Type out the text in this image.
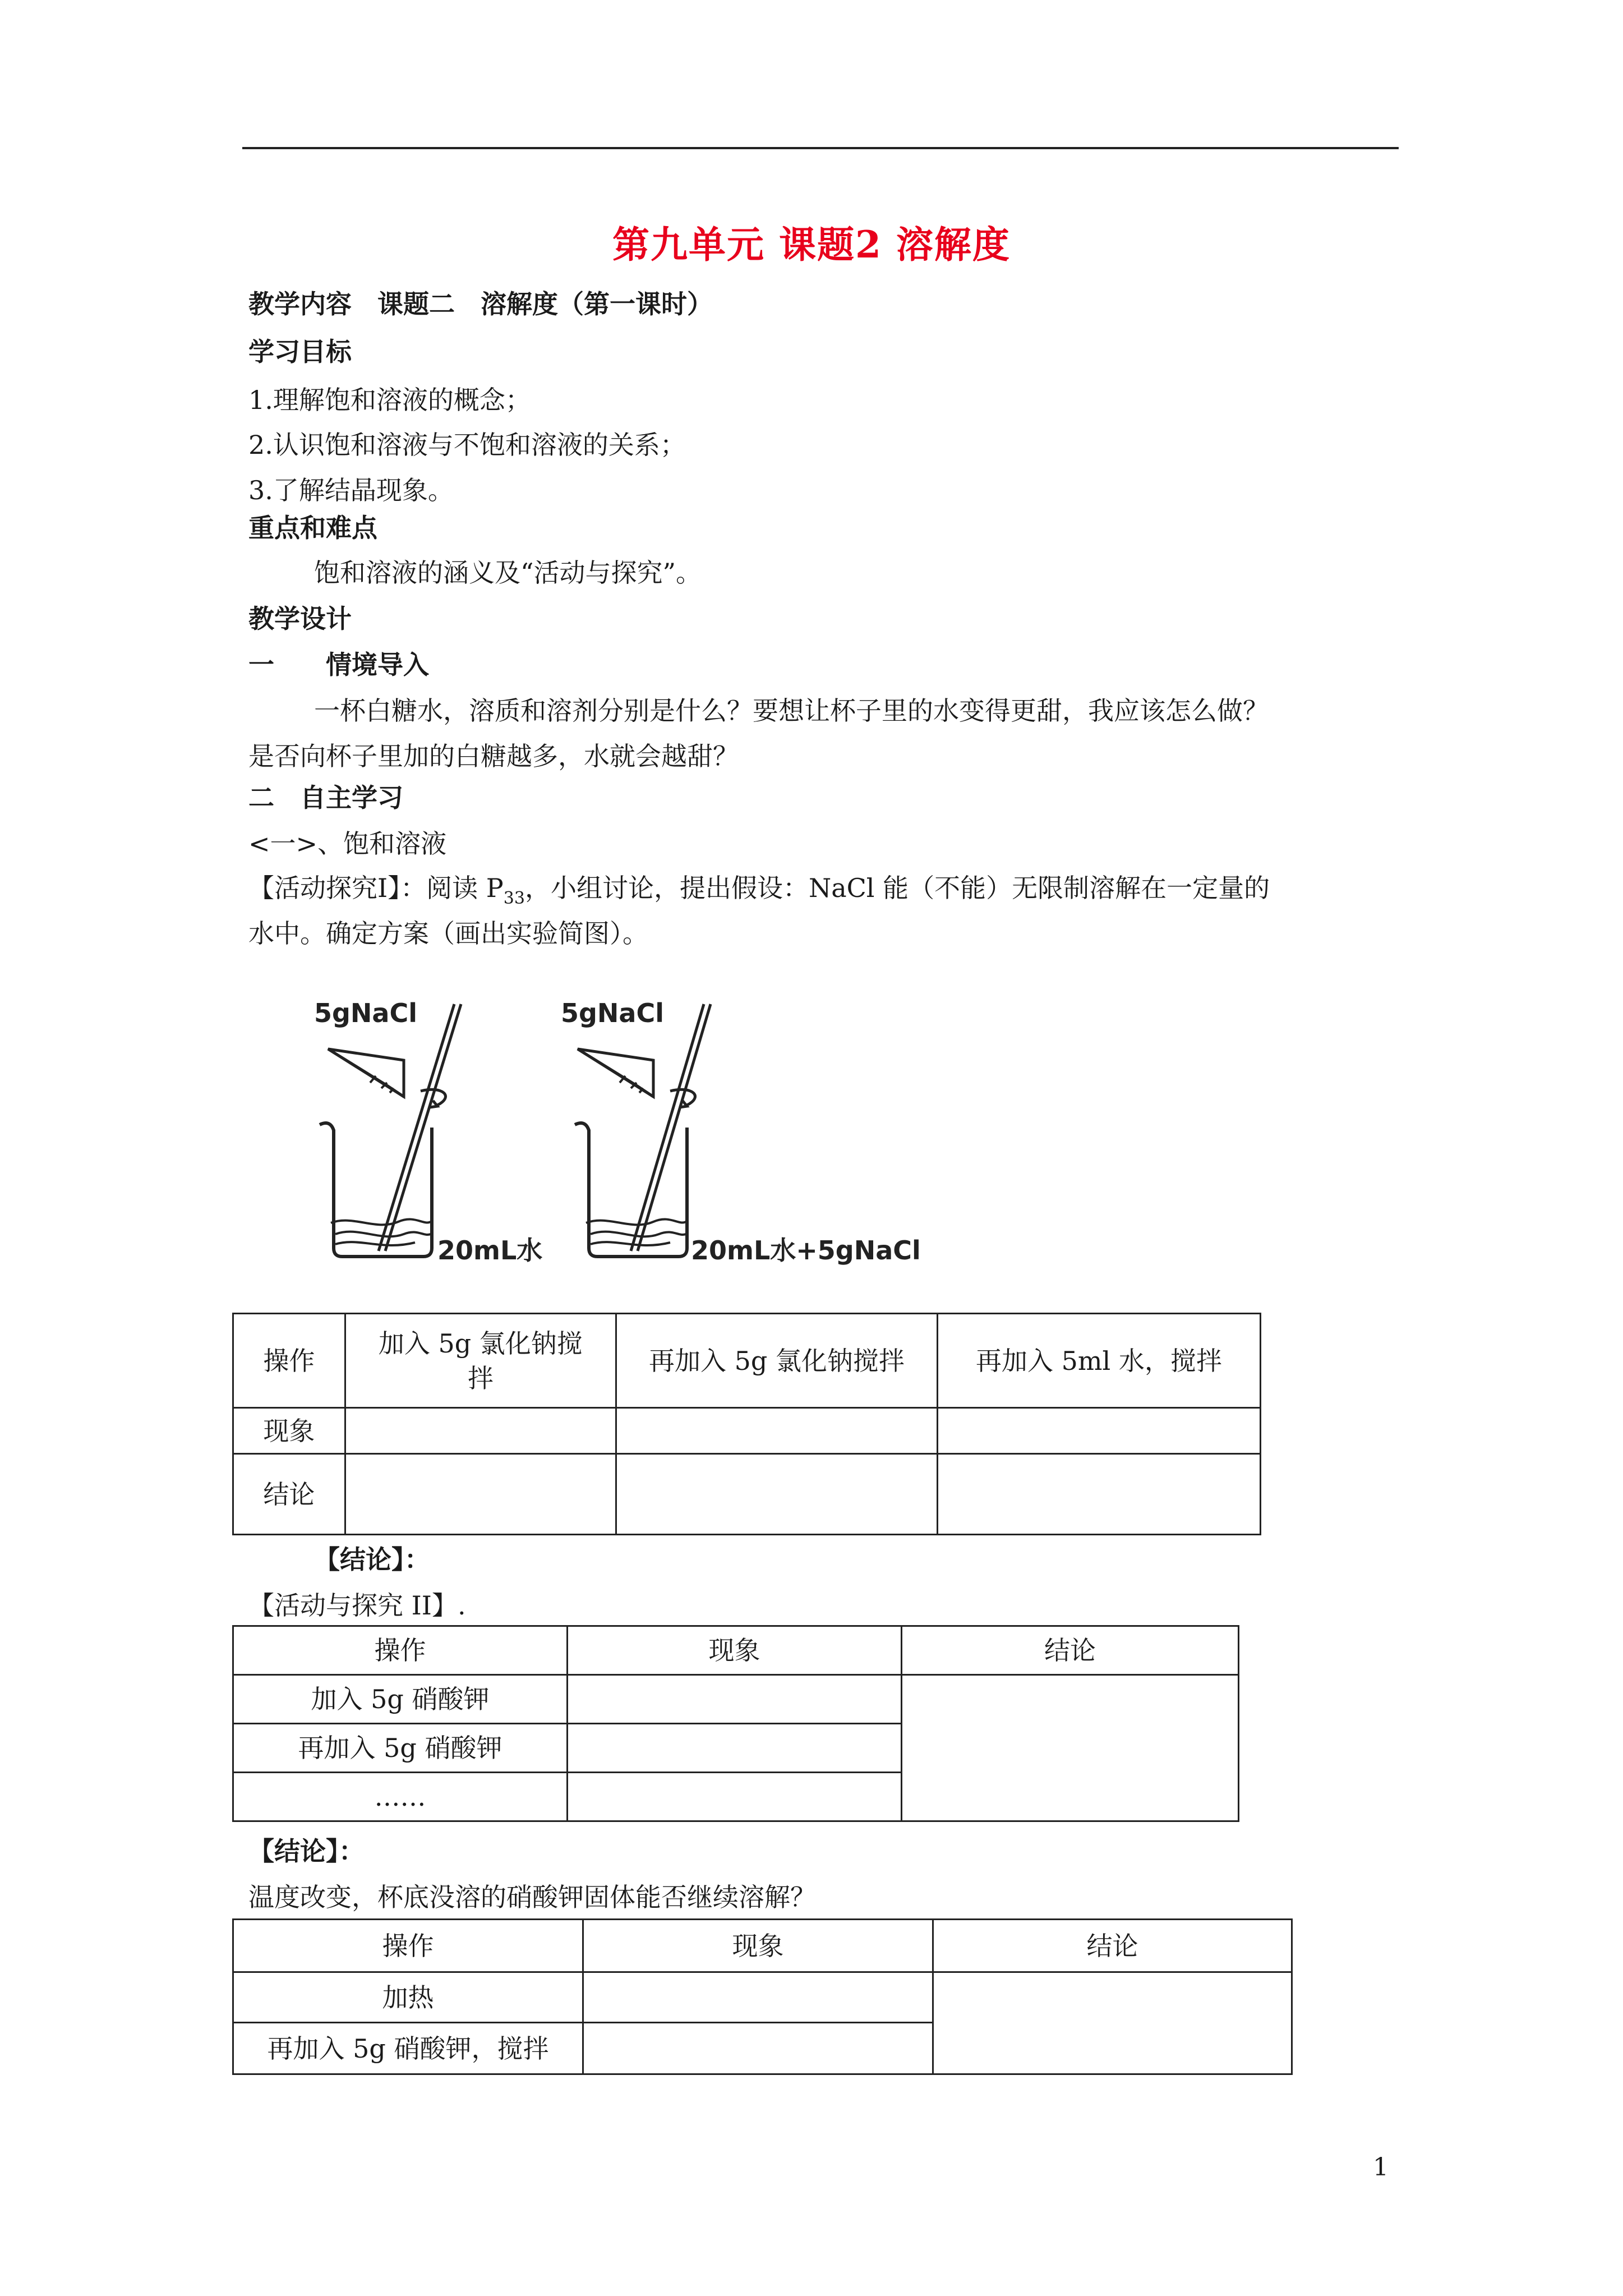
第九单元 课题2 溶解度
教学内容　课题二　溶解度（第一课时）
学习目标
1.理解饱和溶液的概念；
2.认识饱和溶液与不饱和溶液的关系；
3.了解结晶现象。
重点和难点
饱和溶液的涵义及“活动与探究”。
教学设计
一　　情境导入
一杯白糖水，溶质和溶剂分别是什么？要想让杯子里的水变得更甜，我应该怎么做？
是否向杯子里加的白糖越多，水就会越甜？
二　自主学习
<一>、饱和溶液
【活动探究Ⅰ】：阅读 $P_{33}$，小组讨论，提出假设：NaCl 能（不能）无限制溶解在一定量的
水中。确定方案（画出实验简图）。
5gNaCl
20mL水
5gNaCl
20mL水+5gNaCl
操作	加入 5g 氯化钠搅拌	再加入 5g 氯化钠搅拌	再加入 5ml 水，搅拌
现象			
结论			
【结论】：
【活动与探究 II】.
操作	现象	结论
加入 5g 硝酸钾		
再加入 5g 硝酸钾		
……		
【结论】：
温度改变，杯底没溶的硝酸钾固体能否继续溶解？
操作	现象	结论
加热		
再加入 5g 硝酸钾，搅拌		
1
